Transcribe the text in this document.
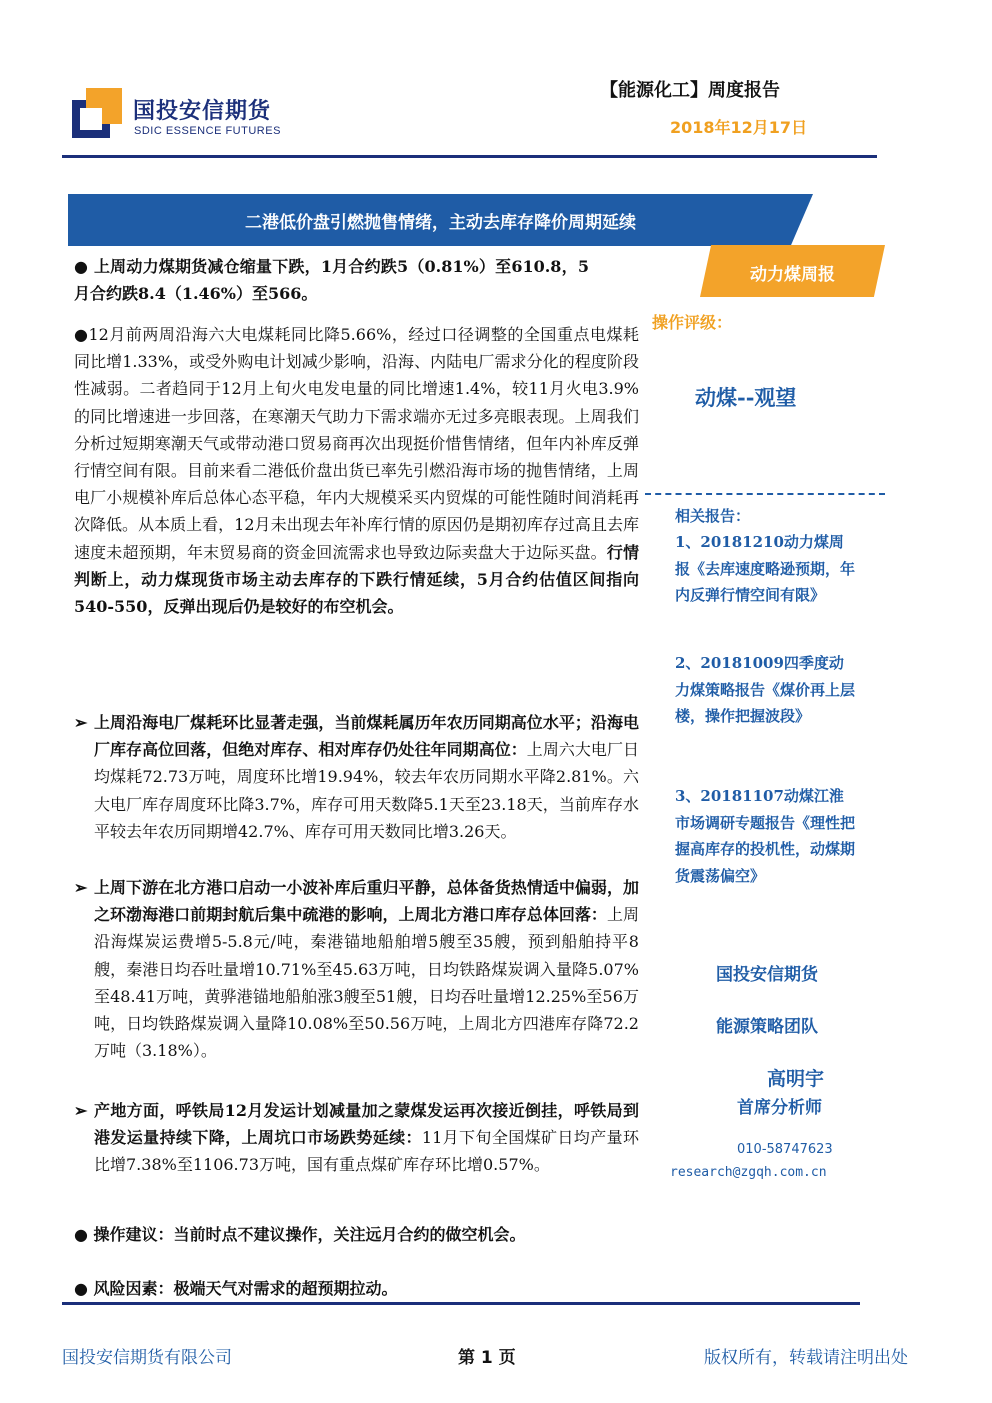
国投安信期货
SDIC ESSENCE FUTURES
【能源化工】周度报告
2018年12月17日
二港低价盘引燃抛售情绪，主动去库存降价周期延续
动力煤周报

● 上周动力煤期货减仓缩量下跌，1月合约跌5（0.81%）至610.8，5月合约跌8.4（1.46%）至566。

●12月前两周沿海六大电煤耗同比降5.66%，经过口径调整的全国重点电煤耗同比增1.33%，或受外购电计划减少影响，沿海、内陆电厂需求分化的程度阶段性减弱。二者趋同于12月上旬火电发电量的同比增速1.4%，较11月火电3.9%的同比增速进一步回落，在寒潮天气助力下需求端亦无过多亮眼表现。上周我们分析过短期寒潮天气或带动港口贸易商再次出现挺价惜售情绪，但年内补库反弹行情空间有限。目前来看二港低价盘出货已率先引燃沿海市场的抛售情绪，上周电厂小规模补库后总体心态平稳，年内大规模采买内贸煤的可能性随时间消耗再次降低。从本质上看，12月未出现去年补库行情的原因仍是期初库存过高且去库速度未超预期，年末贸易商的资金回流需求也导致边际卖盘大于边际买盘。行情判断上，动力煤现货市场主动去库存的下跌行情延续，5月合约估值区间指向540-550，反弹出现后仍是较好的布空机会。

➢ 上周沿海电厂煤耗环比显著走强，当前煤耗属历年农历同期高位水平；沿海电厂库存高位回落，但绝对库存、相对库存仍处往年同期高位：上周六大电厂日均煤耗72.73万吨，周度环比增19.94%，较去年农历同期水平降2.81%。六大电厂库存周度环比降3.7%，库存可用天数降5.1天至23.18天，当前库存水平较去年农历同期增42.7%、库存可用天数同比增3.26天。

➢ 上周下游在北方港口启动一小波补库后重归平静，总体备货热情适中偏弱，加之环渤海港口前期封航后集中疏港的影响，上周北方港口库存总体回落：上周沿海煤炭运费增5-5.8元/吨，秦港锚地船舶增5艘至35艘，预到船舶持平8艘，秦港日均吞吐量增10.71%至45.63万吨，日均铁路煤炭调入量降5.07%至48.41万吨，黄骅港锚地船舶涨3艘至51艘，日均吞吐量增12.25%至56万吨，日均铁路煤炭调入量降10.08%至50.56万吨，上周北方四港库存降72.2万吨（3.18%）。

➢ 产地方面，呼铁局12月发运计划减量加之蒙煤发运再次接近倒挂，呼铁局到港发运量持续下降，上周坑口市场跌势延续：11月下旬全国煤矿日均产量环比增7.38%至1106.73万吨，国有重点煤矿库存环比增0.57%。

● 操作建议：当前时点不建议操作，关注远月合约的做空机会。
● 风险因素：极端天气对需求的超预期拉动。
操作评级：
动煤--观望
相关报告：

1、20181210动力煤周报《去库速度略逊预期，年内反弹行情空间有限》

2、20181009四季度动力煤策略报告《煤价再上层楼，操作把握波段》

3、20181107动煤江淮市场调研专题报告《理性把握高库存的投机性，动煤期货震荡偏空》

国投安信期货
能源策略团队
高明宇
首席分析师
010-58747623
research@zgqh.com.cn
国投安信期货有限公司	第 1 页	版权所有，转载请注明出处
